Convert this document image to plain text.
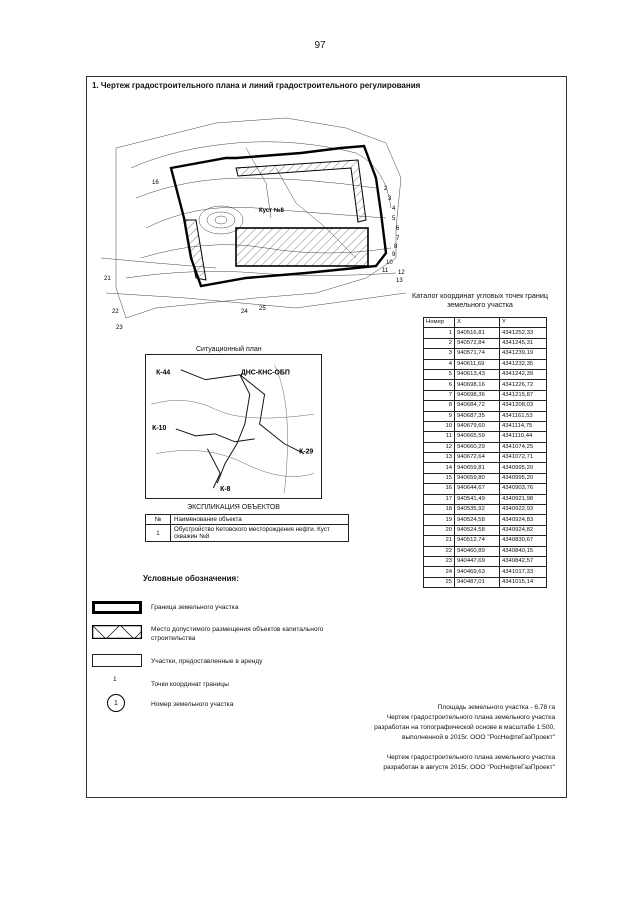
97
1. Чертеж градостроительного плана и линий градостроительного регулирования
Куст №8
16
1
2
3
4
5
6
7
8
9
10
11 12
13
21
22
23
24 25
Ситуационный план
К-44	ДНС-КНС-ОБП
К-10
К-29
К-8
ЭКСПЛИКАЦИЯ ОБЪЕКТОВ
№	Наименование объекта
1	Обустройство Кетовского месторождения нефти. Куст скважин №8
Каталог координат угловых точек границ
земельного участка
Номер	X	Y
1	940516,81	4341252,33
2	940572,84	4341245,31
3	940571,74	4341239,19
4	940611,69	4341232,35
5	940613,43	4341242,39
6	940698,16	4341226,72
7	940698,36	4341215,87
8	940684,72	4341208,03
9	940687,35	4341161,53
10	940679,60	4341114,75
11	940665,59	4341110,44
12	940660,29	4341074,25
13	940672,64	4341072,71
14	940659,81	4340995,20
15	940659,80	4340995,20
16	940644,67	4340903,76
17	940541,49	4340921,98
18	940535,92	4340922,93
19	940524,58	4340924,83
20	940524,58	4340924,82
21	940512,74	4340830,67
22	940460,89	4340840,15
23	940447,69	4340842,57
24	940469,63	4341017,33
25	940487,01	4341015,14
Условные обозначения:
Граница земельного участка
Место допустимого размещения объектов капитального строительства
Участки, предоставленные в аренду
1
Точки координат границы
1	Номер земельного участка	Площадь земельного участка - 6,78 га
Чертеж градостроительного плана земельного участка
разработан на топографической основе в масштабе 1:500,
выполненной в 2015г. ООО "РосНефтеГазПроект"
Чертеж градостроительного плана земельного участка
разработан в августе 2015г. ООО "РосНефтеГазПроект"
